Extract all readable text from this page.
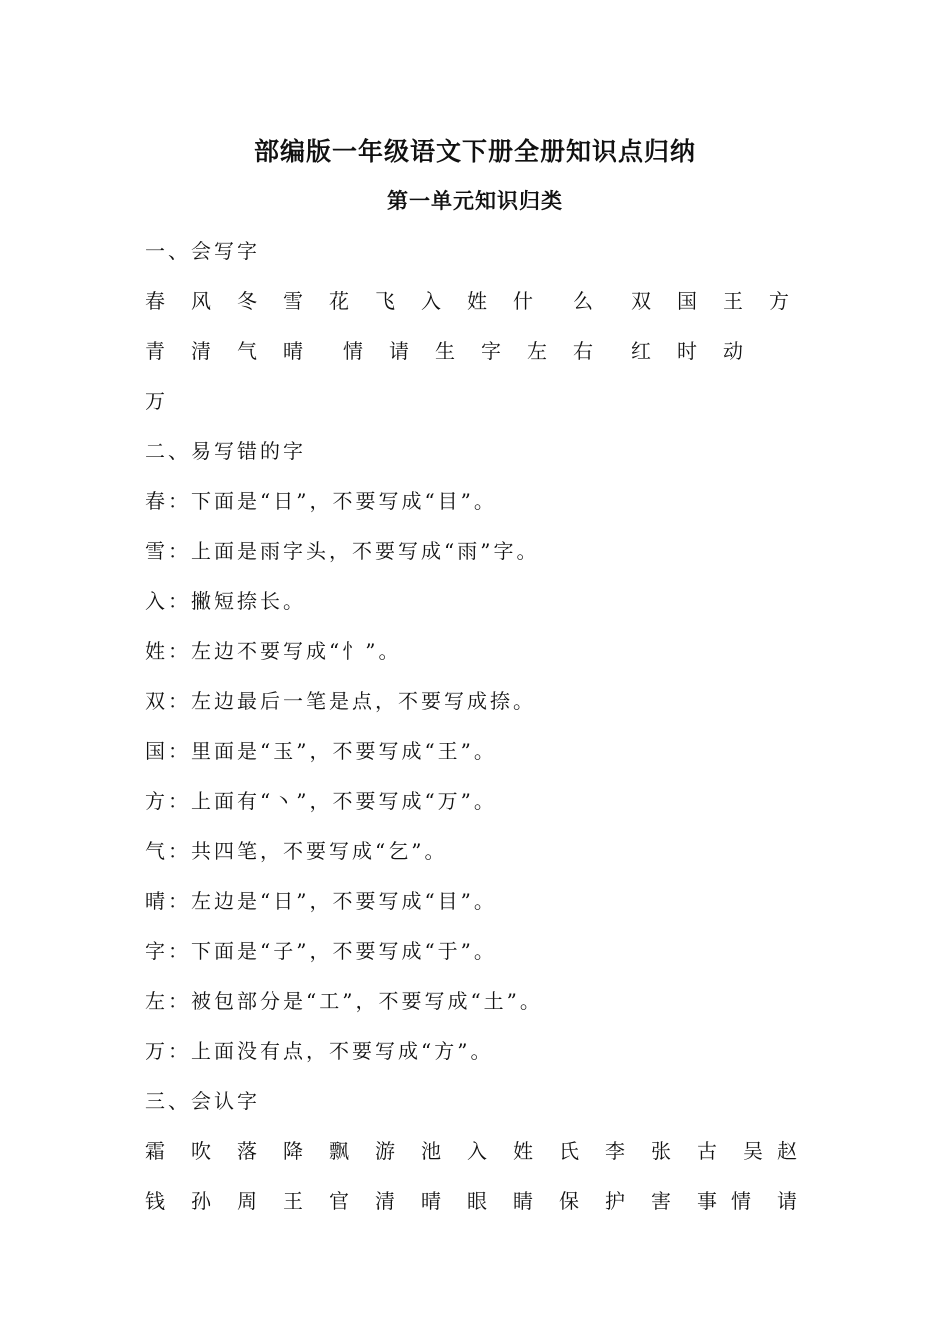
部编版一年级语文下册全册知识点归纳
第一单元知识归类
一、会写字
春 风 冬 雪 花 飞 入 姓 什 么 双 国 王 方
青 清 气 晴 情 请 生 字 左 右 红 时 动
万
二、易写错的字
春：下面是“日”，不要写成“目”。
雪：上面是雨字头，不要写成“雨”字。
入：撇短捺长。
姓：左边不要写成“忄”。
双：左边最后一笔是点，不要写成捺。
国：里面是“玉”，不要写成“王”。
方：上面有“丶”，不要写成“万”。
气：共四笔，不要写成“乞”。
晴：左边是“日”，不要写成“目”。
字：下面是“子”，不要写成“于”。
左：被包部分是“工”，不要写成“土”。
万：上面没有点，不要写成“方”。
三、会认字
霜 吹 落 降 飘 游 池 入 姓 氏 李 张 古 吴 赵
钱 孙 周 王 官 清 晴 眼 睛 保 护 害 事 情 请
